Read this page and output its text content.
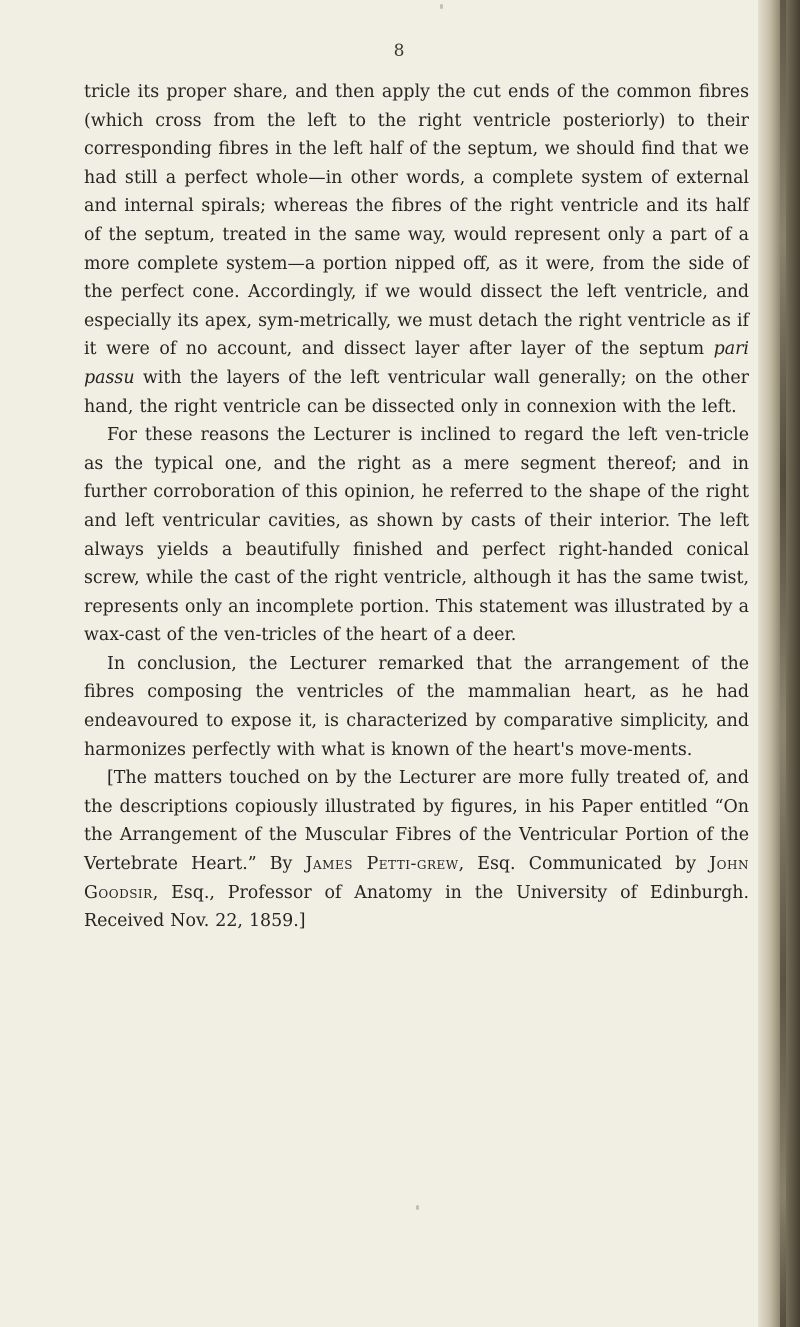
8

tricle its proper share, and then apply the cut ends of the common fibres (which cross from the left to the right ventricle posteriorly) to their corresponding fibres in the left half of the septum, we should find that we had still a perfect whole—in other words, a complete system of external and internal spirals; whereas the fibres of the right ventricle and its half of the septum, treated in the same way, would represent only a part of a more complete system—a portion nipped off, as it were, from the side of the perfect cone. Accordingly, if we would dissect the left ventricle, and especially its apex, sym-metrically, we must detach the right ventricle as if it were of no account, and dissect layer after layer of the septum pari passu with the layers of the left ventricular wall generally; on the other hand, the right ventricle can be dissected only in connexion with the left.

For these reasons the Lecturer is inclined to regard the left ven-tricle as the typical one, and the right as a mere segment thereof; and in further corroboration of this opinion, he referred to the shape of the right and left ventricular cavities, as shown by casts of their interior. The left always yields a beautifully finished and perfect right-handed conical screw, while the cast of the right ventricle, although it has the same twist, represents only an incomplete portion. This statement was illustrated by a wax-cast of the ven-tricles of the heart of a deer.

In conclusion, the Lecturer remarked that the arrangement of the fibres composing the ventricles of the mammalian heart, as he had endeavoured to expose it, is characterized by comparative simplicity, and harmonizes perfectly with what is known of the heart's move-ments.

[The matters touched on by the Lecturer are more fully treated of, and the descriptions copiously illustrated by figures, in his Paper entitled “On the Arrangement of the Muscular Fibres of the Ventricular Portion of the Vertebrate Heart.” By James Petti-grew, Esq. Communicated by John Goodsir, Esq., Professor of Anatomy in the University of Edinburgh. Received Nov. 22, 1859.]
